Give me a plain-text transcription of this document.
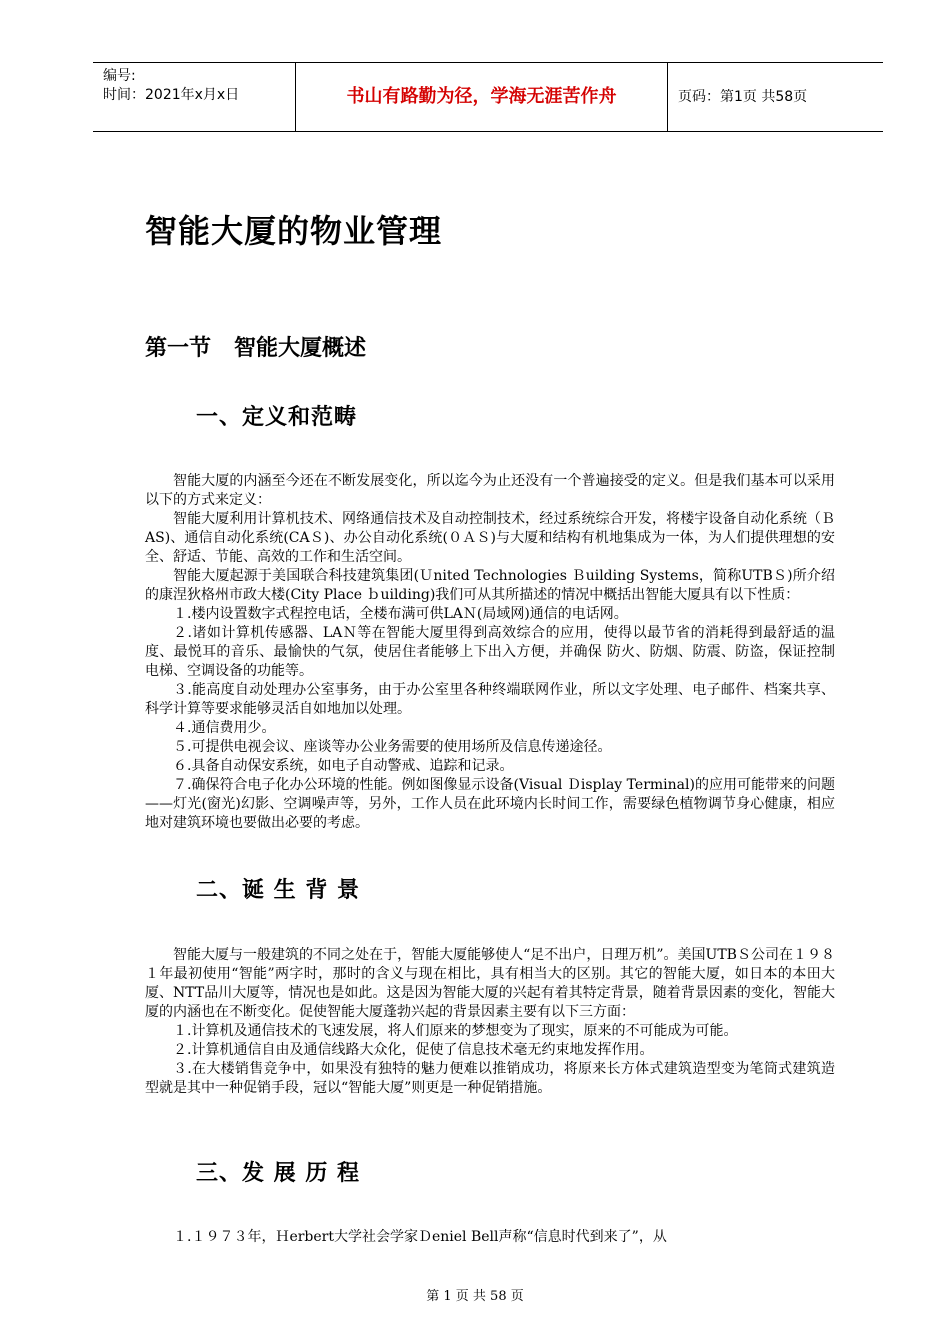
编号:
时间：2021年x月x日	书山有路勤为径，学海无涯苦作舟	页码：第1页 共58页
智能大厦的物业管理
第一节   智能大厦概述
一、定义和范畴

智能大厦的内涵至今还在不断发展变化，所以迄今为止还没有一个普遍接受的定义。但是我们基本可以采用以下的方式来定义：

智能大厦利用计算机技术、网络通信技术及自动控制技术，经过系统综合开发，将楼宇设备自动化系统（ＢAS)、通信自动化系统(CAＳ)、办公自动化系统(０ＡＳ)与大厦和结构有机地集成为一体，为人们提供理想的安全、舒适、节能、高效的工作和生活空间。

智能大厦起源于美国联合科技建筑集团(Ｕnited Technologies Ｂuilding Systems，简称UTBＳ)所介绍的康涅狄格州市政大楼(City Place ｂuilding)我们可从其所描述的情况中概括出智能大厦具有以下性质：

１.楼内设置数字式程控电话，全楼布满可供LAＮ(局域网)通信的电话网。

２.诸如计算机传感器、LAＮ等在智能大厦里得到高效综合的应用，使得以最节省的消耗得到最舒适的温度、最悦耳的音乐、最愉快的气氛，使居住者能够上下出入方便，并确保 防火、防烟、防震、防盗，保证控制电梯、空调设备的功能等。

３.能高度自动处理办公室事务，由于办公室里各种终端联网作业，所以文字处理、电子邮件、档案共享、科学计算等要求能够灵活自如地加以处理。

４.通信费用少。

５.可提供电视会议、座谈等办公业务需要的使用场所及信息传递途径。

６.具备自动保安系统，如电子自动警戒、追踪和记录。

７.确保符合电子化办公环境的性能。例如图像显示设备(Visual Ｄisplay Terminal)的应用可能带来的问题——灯光(窗光)幻影、空调噪声等，另外，工作人员在此环境内长时间工作，需要绿色植物调节身心健康，相应地对建筑环境也要做出必要的考虑。

二、诞 生 背 景

智能大厦与一般建筑的不同之处在于，智能大厦能够使人“足不出户，日理万机”。美国UTBＳ公司在１９８１年最初使用“智能”两字时，那时的含义与现在相比，具有相当大的区别。其它的智能大厦，如日本的本田大厦、NTT品川大厦等，情况也是如此。这是因为智能大厦的兴起有着其特定背景，随着背景因素的变化，智能大厦的内涵也在不断变化。促使智能大厦蓬勃兴起的背景因素主要有以下三方面：

１.计算机及通信技术的飞速发展，将人们原来的梦想变为了现实，原来的不可能成为可能。

２.计算机通信自由及通信线路大众化，促使了信息技术毫无约束地发挥作用。

３.在大楼销售竞争中，如果没有独特的魅力便难以推销成功，将原来长方体式建筑造型变为笔筒式建筑造型就是其中一种促销手段，冠以“智能大厦”则更是一种促销措施。

三、发 展 历 程

１.１９７３年，Ｈerbert大学社会学家Ｄeniel Bell声称“信息时代到来了”，从

第 1 页 共 58 页
